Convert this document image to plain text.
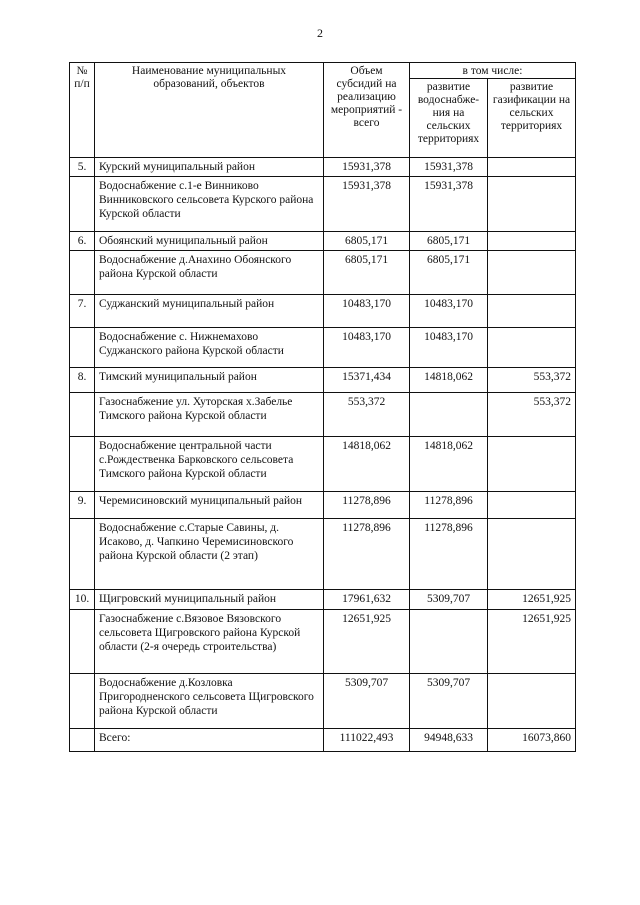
2
№ п/п	Наименование муниципальных образований, объектов	Объем субсидий на реализацию мероприятий - всего	в том числе:	
			развитие водоснабже-ния на сельских территориях	развитие газификации на сельских территориях
5.	Курский муниципальный район	15931,378	15931,378	
	Водоснабжение с.1-е Винниково Винниковского сельсовета Курского района Курской области	15931,378	15931,378	
6.	Обоянский муниципальный район	6805,171	6805,171	
	Водоснабжение д.Анахино Обоянского района Курской области	6805,171	6805,171	
7.	Суджанский муниципальный район	10483,170	10483,170	
	Водоснабжение с. Нижнемахово Суджанского района Курской области	10483,170	10483,170	
8.	Тимский муниципальный район	15371,434	14818,062	553,372
	Газоснабжение ул. Хуторская х.Забелье Тимского района Курской области	553,372		553,372
	Водоснабжение центральной части с.Рождественка Барковского сельсовета Тимского района Курской области	14818,062	14818,062	
9.	Черемисиновский муниципальный район	11278,896	11278,896	
	Водоснабжение с.Старые Савины, д. Исаково, д. Чапкино Черемисиновского района Курской области (2 этап)	11278,896	11278,896	
10.	Щигровский муниципальный район	17961,632	5309,707	12651,925
	Газоснабжение с.Вязовое Вязовского сельсовета Щигровского района Курской области (2-я очередь строительства)	12651,925		12651,925
	Водоснабжение д.Козловка Пригородненского сельсовета Щигровского района Курской области	5309,707	5309,707	
	Всего:	111022,493	94948,633	16073,860
